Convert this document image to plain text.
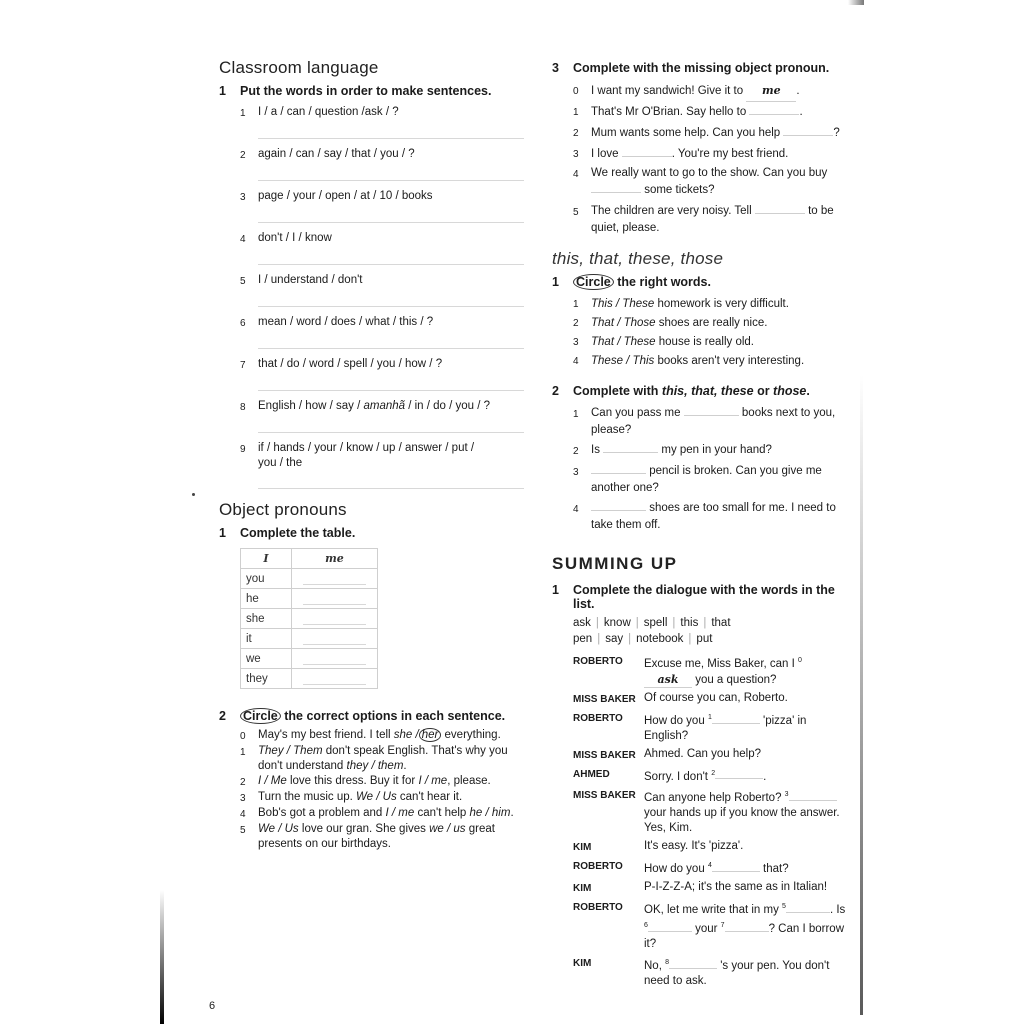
Classroom language
1	Put the words in order to make sentences.
1	I / a / can / question /ask / ?
2	again / can / say / that / you / ?
3	page / your / open / at / 10 / books
4	don't / I / know
5	I / understand / don't
6	mean / word / does / what / this / ?
7	that / do / word / spell / you / how / ?
8	English / how / say / amanhã / in / do / you / ?
9	if / hands / your / know / up / answer / put / you / the
Object pronouns
1	Complete the table.
I	me
you	

he	

she	

it	

we	

they	
2	Circle the correct options in each sentence.
0	May's my best friend. I tell she / her everything.
1	They / Them don't speak English. That's why you don't understand they / them.
2	I / Me love this dress. Buy it for I / me, please.
3	Turn the music up. We / Us can't hear it.
4	Bob's got a problem and I / me can't help he / him.
5	We / Us love our gran. She gives we / us great presents on our birthdays.
3	Complete with the missing object pronoun.
0	I want my sandwich! Give it to me .
1	That's Mr O'Brian. Say hello to	.
2	Mum wants some help. Can you help	?
3	I love	. You're my best friend.
4	We really want to go to the show. Can you buy
some tickets?
5	The children are very noisy. Tell	to be quiet, please.
this, that, these, those
1	Circle the right words.
1	This / These homework is very difficult.
2	That / Those shoes are really nice.
3	That / These house is really old.
4	These / This books aren't very interesting.
2	Complete with this, that, these or those.
1	Can you pass me	books next to you, please?
2	Is	my pen in your hand?
3	pencil is broken. Can you give me another one?
4	shoes are too small for me. I need to take them off.
SUMMING UP
1	Complete the dialogue with the words in the list.
ask | know | spell | this | that
pen | say | notebook | put
ROBERTO	Excuse me, Miss Baker, can I $^0$ask you a question?
MISS BAKER Of course you can, Roberto.
ROBERTO	How do you $^1$	'pizza' in English?
MISS BAKER Ahmed. Can you help?
AHMED	Sorry. I don't $^2$	.
MISS BAKER Can anyone help Roberto? $^3$ your hands up if you know the answer. Yes, Kim.
KIM	It's easy. It's 'pizza'.
ROBERTO	How do you $^4$	that?
KIM	P-I-Z-Z-A; it's the same as in Italian!
ROBERTO	OK, let me write that in my $^5$	. Is $^6$	your $^7$	? Can I borrow it?
KIM	No, $^8$	's your pen. You don't need to ask.
6
